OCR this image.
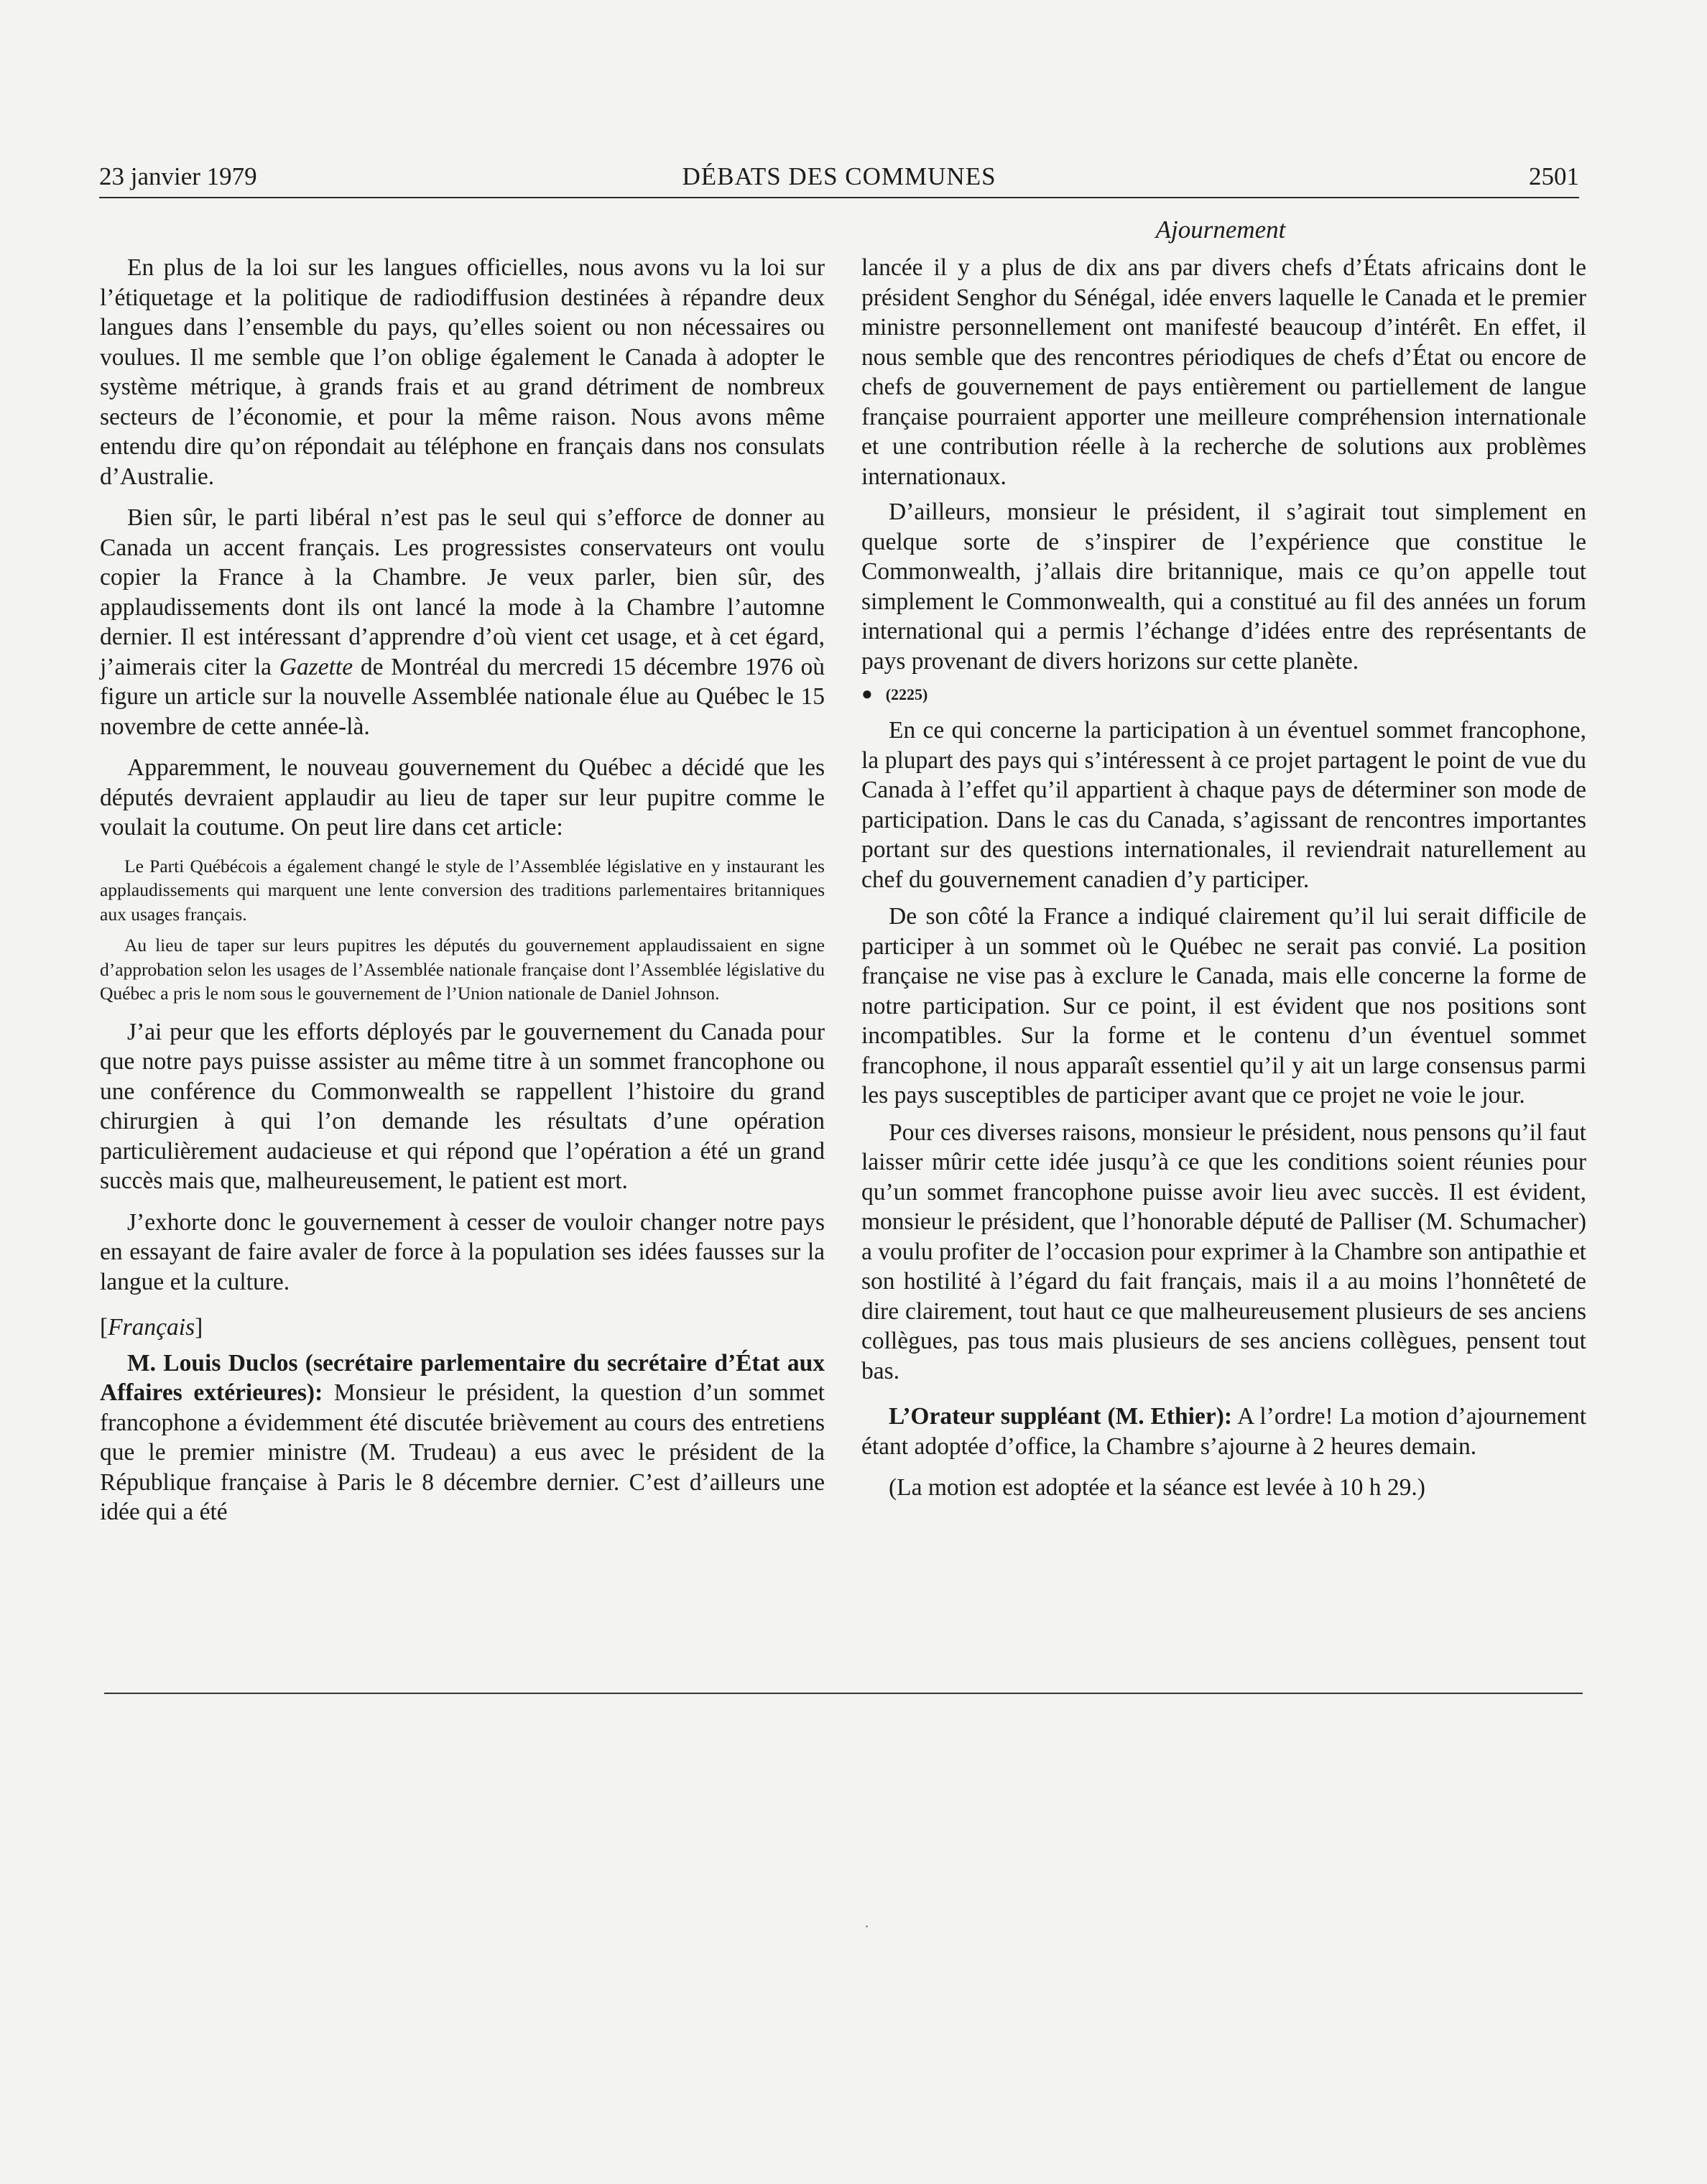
23 janvier 1979	DÉBATS DES COMMUNES	2501
Ajournement

En plus de la loi sur les langues officielles, nous avons vu la loi sur l’étiquetage et la politique de radiodiffusion destinées à répandre deux langues dans l’ensemble du pays, qu’elles soient ou non nécessaires ou voulues. Il me semble que l’on oblige également le Canada à adopter le système métrique, à grands frais et au grand détriment de nombreux secteurs de l’économie, et pour la même raison. Nous avons même entendu dire qu’on répondait au téléphone en français dans nos consulats d’Australie.

Bien sûr, le parti libéral n’est pas le seul qui s’efforce de donner au Canada un accent français. Les progressistes conservateurs ont voulu copier la France à la Chambre. Je veux parler, bien sûr, des applaudissements dont ils ont lancé la mode à la Chambre l’automne dernier. Il est intéressant d’apprendre d’où vient cet usage, et à cet égard, j’aimerais citer la Gazette de Montréal du mercredi 15 décembre 1976 où figure un article sur la nouvelle Assemblée nationale élue au Québec le 15 novembre de cette année-là.

Apparemment, le nouveau gouvernement du Québec a décidé que les députés devraient applaudir au lieu de taper sur leur pupitre comme le voulait la coutume. On peut lire dans cet article:

Le Parti Québécois a également changé le style de l’Assemblée législative en y instaurant les applaudissements qui marquent une lente conversion des traditions parlementaires britanniques aux usages français.

Au lieu de taper sur leurs pupitres les députés du gouvernement applaudissaient en signe d’approbation selon les usages de l’Assemblée nationale française dont l’Assemblée législative du Québec a pris le nom sous le gouvernement de l’Union nationale de Daniel Johnson.

J’ai peur que les efforts déployés par le gouvernement du Canada pour que notre pays puisse assister au même titre à un sommet francophone ou une conférence du Commonwealth se rappellent l’histoire du grand chirurgien à qui l’on demande les résultats d’une opération particulièrement audacieuse et qui répond que l’opération a été un grand succès mais que, malheureusement, le patient est mort.

J’exhorte donc le gouvernement à cesser de vouloir changer notre pays en essayant de faire avaler de force à la population ses idées fausses sur la langue et la culture.

[Français]

M. Louis Duclos (secrétaire parlementaire du secrétaire d’État aux Affaires extérieures): Monsieur le président, la question d’un sommet francophone a évidemment été discutée brièvement au cours des entretiens que le premier ministre (M. Trudeau) a eus avec le président de la République française à Paris le 8 décembre dernier. C’est d’ailleurs une idée qui a été

lancée il y a plus de dix ans par divers chefs d’États africains dont le président Senghor du Sénégal, idée envers laquelle le Canada et le premier ministre personnellement ont manifesté beaucoup d’intérêt. En effet, il nous semble que des rencontres périodiques de chefs d’État ou encore de chefs de gouvernement de pays entièrement ou partiellement de langue française pourraient apporter une meilleure compréhension internationale et une contribution réelle à la recherche de solutions aux problèmes internationaux.

D’ailleurs, monsieur le président, il s’agirait tout simplement en quelque sorte de s’inspirer de l’expérience que constitue le Commonwealth, j’allais dire britannique, mais ce qu’on appelle tout simplement le Commonwealth, qui a constitué au fil des années un forum international qui a permis l’échange d’idées entre des représentants de pays provenant de divers horizons sur cette planète.

● (2225)

En ce qui concerne la participation à un éventuel sommet francophone, la plupart des pays qui s’intéressent à ce projet partagent le point de vue du Canada à l’effet qu’il appartient à chaque pays de déterminer son mode de participation. Dans le cas du Canada, s’agissant de rencontres importantes portant sur des questions internationales, il reviendrait naturellement au chef du gouvernement canadien d’y participer.

De son côté la France a indiqué clairement qu’il lui serait difficile de participer à un sommet où le Québec ne serait pas convié. La position française ne vise pas à exclure le Canada, mais elle concerne la forme de notre participation. Sur ce point, il est évident que nos positions sont incompatibles. Sur la forme et le contenu d’un éventuel sommet francophone, il nous apparaît essentiel qu’il y ait un large consensus parmi les pays susceptibles de participer avant que ce projet ne voie le jour.

Pour ces diverses raisons, monsieur le président, nous pensons qu’il faut laisser mûrir cette idée jusqu’à ce que les conditions soient réunies pour qu’un sommet francophone puisse avoir lieu avec succès. Il est évident, monsieur le président, que l’honorable député de Palliser (M. Schumacher) a voulu profiter de l’occasion pour exprimer à la Chambre son antipathie et son hostilité à l’égard du fait français, mais il a au moins l’honnêteté de dire clairement, tout haut ce que malheureusement plusieurs de ses anciens collègues, pas tous mais plusieurs de ses anciens collègues, pensent tout bas.

L’Orateur suppléant (M. Ethier): A l’ordre! La motion d’ajournement étant adoptée d’office, la Chambre s’ajourne à 2 heures demain.

(La motion est adoptée et la séance est levée à 10 h 29.)
